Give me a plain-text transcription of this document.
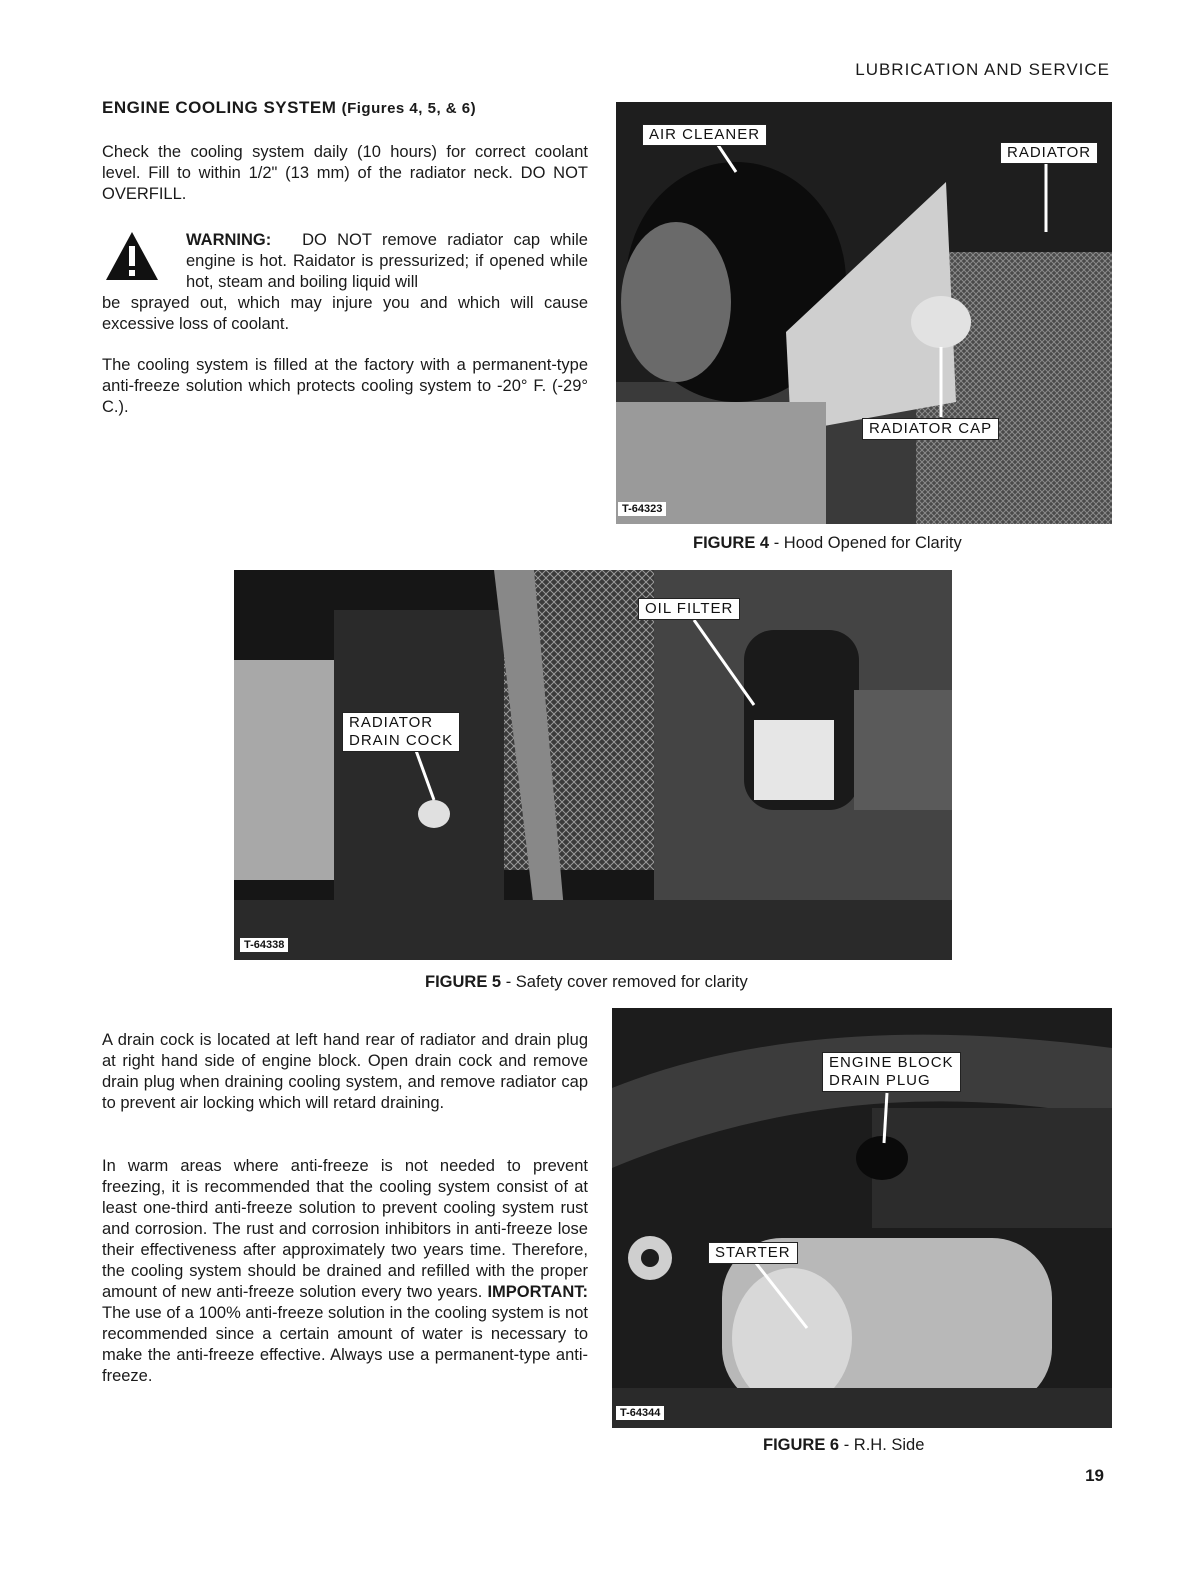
LUBRICATION AND SERVICE
ENGINE COOLING SYSTEM (Figures 4, 5, & 6)

Check the cooling system daily (10 hours) for correct coolant level. Fill to within 1/2" (13 mm) of the radiator neck. DO NOT OVERFILL.

WARNING: DO NOT remove radiator cap while engine is hot. Raidator is pressurized; if opened while hot, steam and boiling liquid will

be sprayed out, which may injure you and which will cause excessive loss of coolant.

The cooling system is filled at the factory with a permanent-type anti-freeze solution which protects cooling system to -20° F. (-29° C.).

AIR CLEANER
RADIATOR
RADIATOR CAP
T-64323
FIGURE 4 - Hood Opened for Clarity
OIL FILTER
RADIATOR
DRAIN COCK
T-64338
FIGURE 5 - Safety cover removed for clarity

A drain cock is located at left hand rear of radiator and drain plug at right hand side of engine block. Open drain cock and remove drain plug when draining cooling system, and remove radiator cap to prevent air locking which will retard draining.

In warm areas where anti-freeze is not needed to prevent freezing, it is recommended that the cooling system consist of at least one-third anti-freeze solution to prevent cooling system rust and corrosion. The rust and corrosion inhibitors in anti-freeze lose their effectiveness after approximately two years time. Therefore, the cooling system should be drained and refilled with the proper amount of new anti-freeze solution every two years. IMPORTANT: The use of a 100% anti-freeze solution in the cooling system is not recommended since a certain amount of water is necessary to make the anti-freeze effective. Always use a permanent-type anti-freeze.

ENGINE BLOCK
DRAIN PLUG
STARTER
T-64344
FIGURE 6 - R.H. Side
19
